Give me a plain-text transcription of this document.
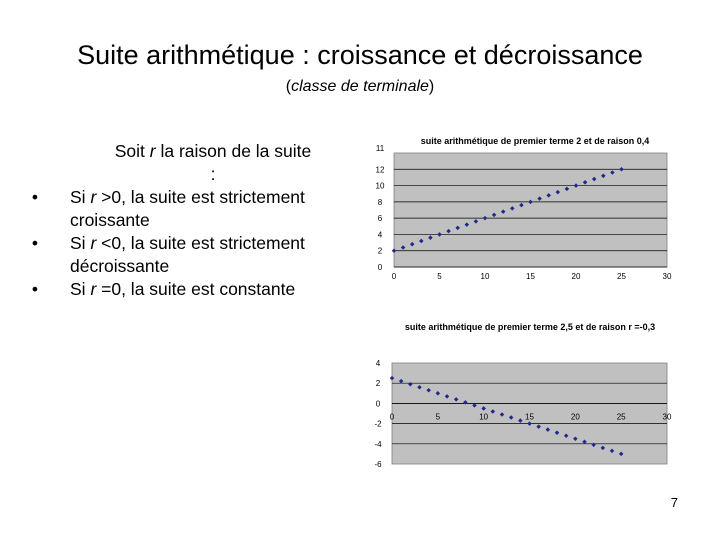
Suite arithmétique : croissance et décroissance
(classe de terminale)
Soit r la raison de la suite
:
• Si r >0, la suite est strictement croissante
• Si r <0, la suite est strictement décroissante
• Si r =0, la suite est constante
suite arithmétique de premier terme 2 et de raison 0,4
suite arithmétique de premier terme 2,5 et de raison r =-0,3
0
2
4
6
8
10
12
11
0	5	10	15	20	25	30
-6
-4
-2
0
2
4
0	5	10	15	20	25	30
7
